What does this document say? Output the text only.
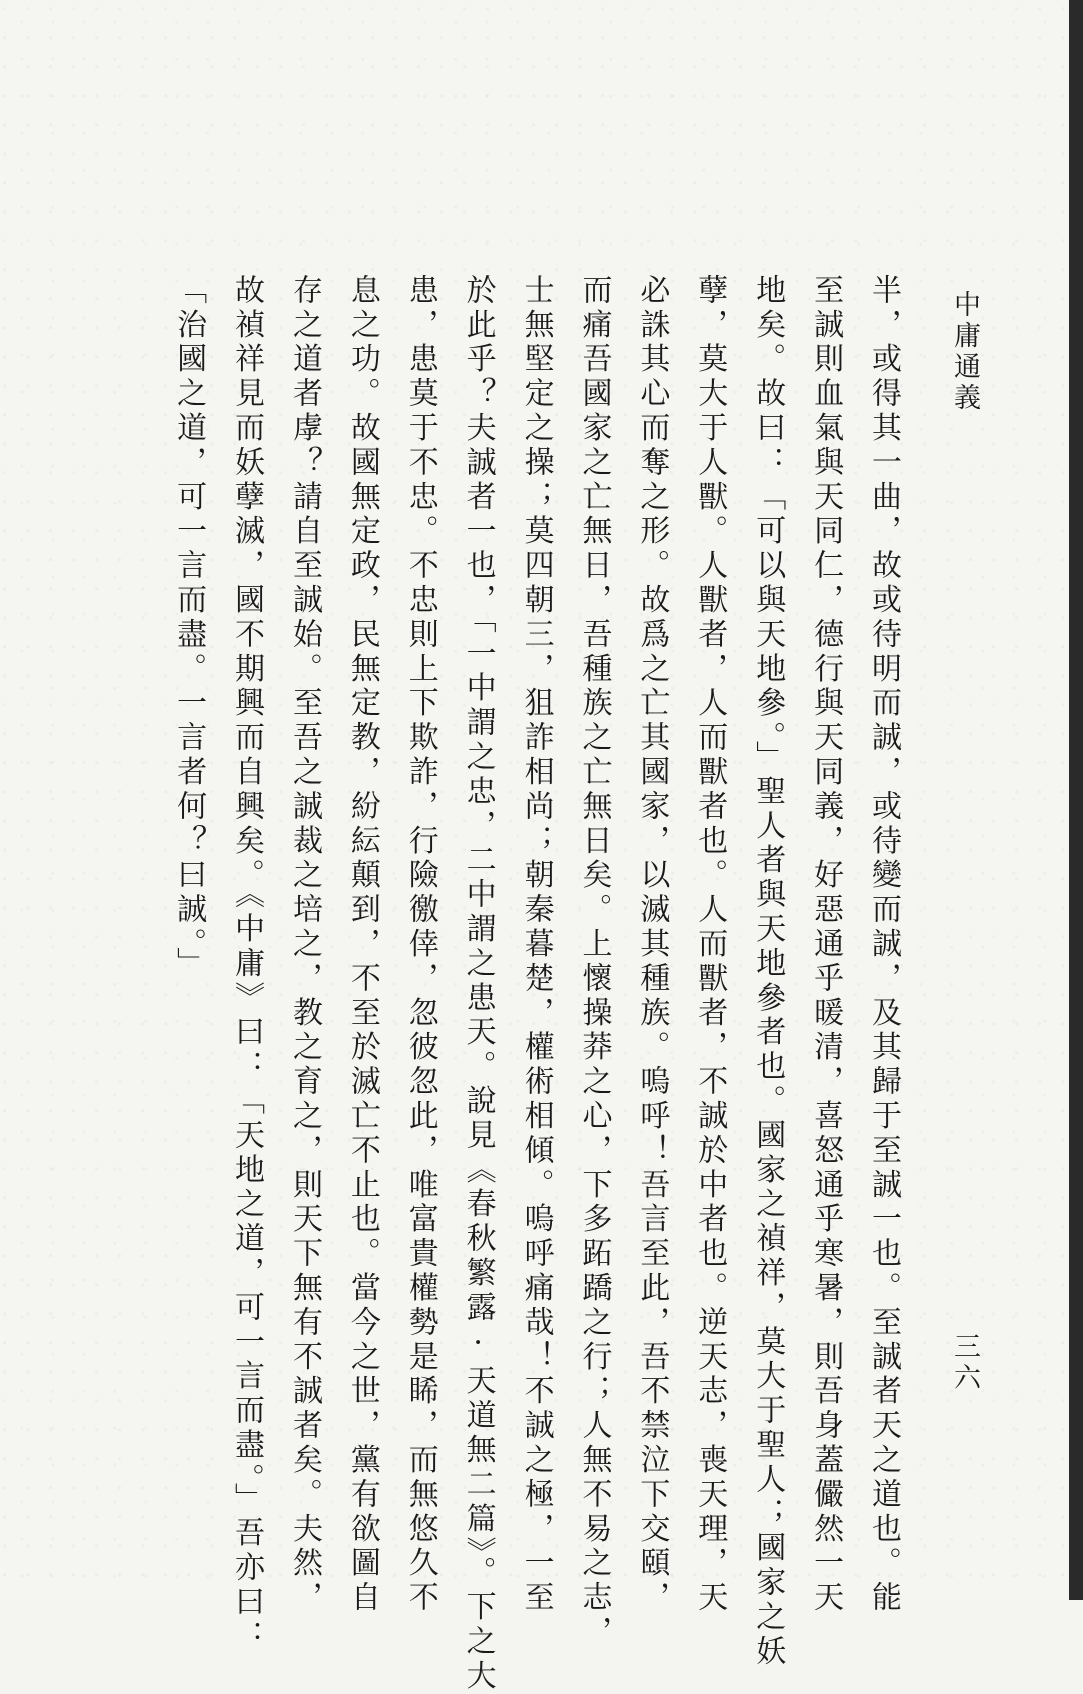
中庸通義
三六
半，或得其一曲，故或待明而誠，或待變而誠，及其歸于至誠一也。至誠者天之道也。能
至誠則血氣與天同仁，德行與天同義，好惡通乎暖清，喜怒通乎寒暑，則吾身蓋儼然一天
地矣。故曰：「可以與天地參。」聖人者與天地參者也。國家之禎祥，莫大于聖人；國家之妖
孽，莫大于人獸。人獸者，人而獸者也。人而獸者，不誠於中者也。逆天志，喪天理，天
必誅其心而奪之形。故爲之亡其國家，以滅其種族。嗚呼！吾言至此，吾不禁泣下交頤，
而痛吾國家之亡無日，吾種族之亡無日矣。上懷操莽之心，下多跖蹻之行；人無不易之志，
士無堅定之操；莫四朝三，狙詐相尚；朝秦暮楚，權術相傾。嗚呼痛哉！不誠之極，一至
於此乎？夫誠者一也，「一中謂之忠，二中謂之患天。說見《春秋繁露·天道無二篇》。下之大
患，患莫于不忠。不忠則上下欺詐，行險徼倖，忽彼忽此，唯富貴權勢是睎，而無悠久不
息之功。故國無定政，民無定教，紛紜顛到，不至於滅亡不止也。當今之世，黨有欲圖自
存之道者虖？請自至誠始。至吾之誠裁之培之，教之育之，則天下無有不誠者矣。夫然，
故禎祥見而妖孽滅，國不期興而自興矣。《中庸》曰：「天地之道，可一言而盡。」吾亦曰：
「治國之道，可一言而盡。一言者何？曰誠。」
